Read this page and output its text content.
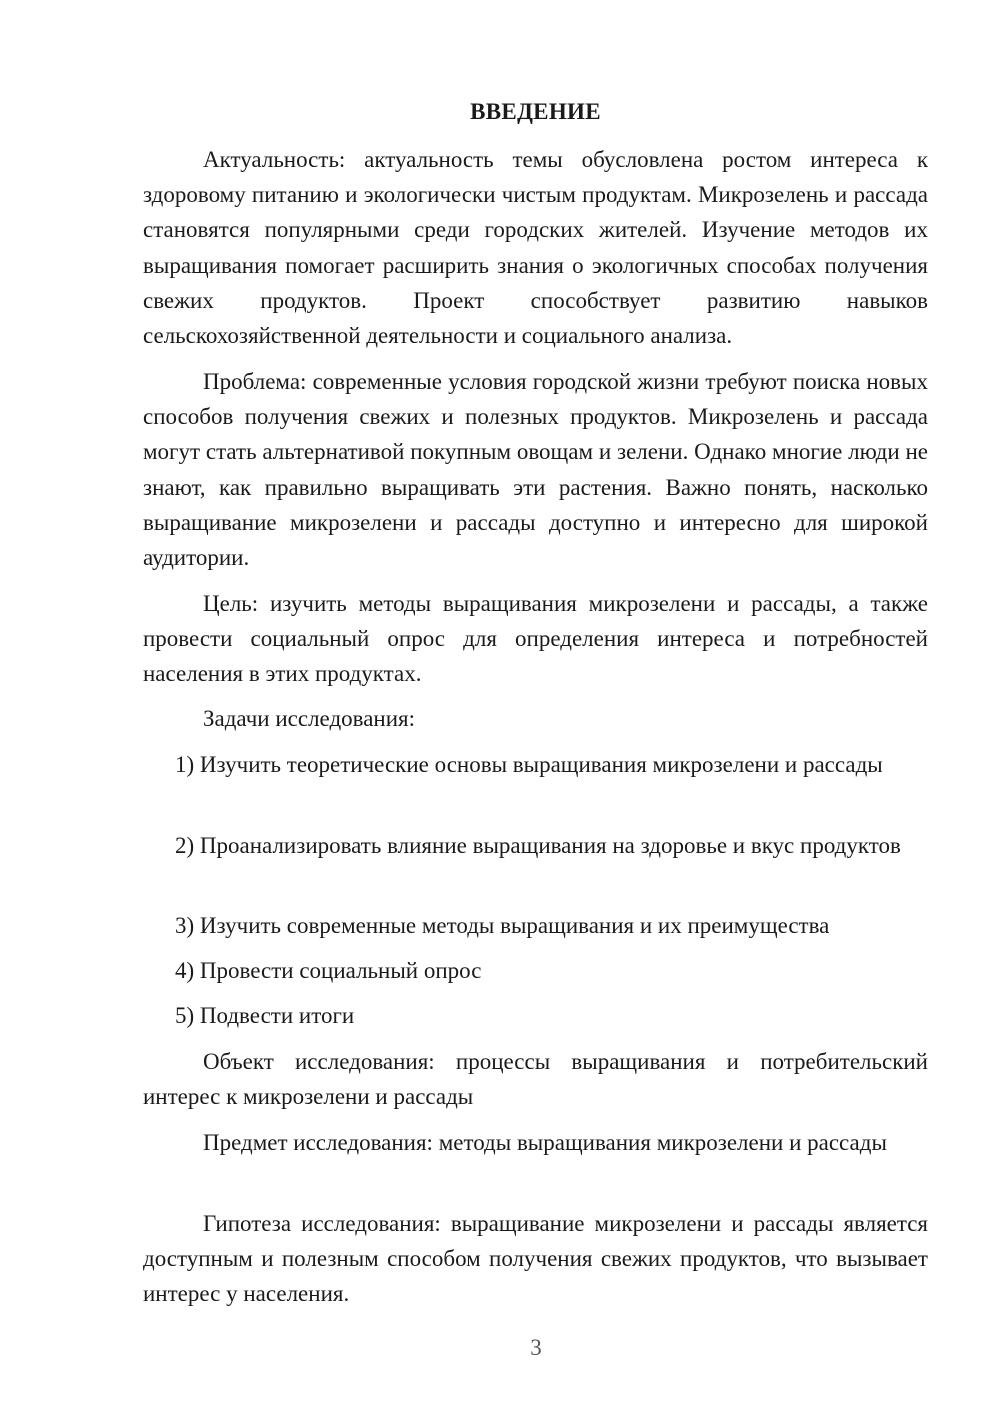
ВВЕДЕНИЕ

Актуальность: актуальность темы обусловлена ростом интереса к здоровому питанию и экологически чистым продуктам. Микрозелень и рассада становятся популярными среди городских жителей. Изучение методов их выращивания помогает расширить знания о экологичных способах получения свежих продуктов. Проект способствует развитию навыков сельскохозяйственной деятельности и социального анализа.

Проблема: современные условия городской жизни требуют поиска новых способов получения свежих и полезных продуктов. Микрозелень и рассада могут стать альтернативой покупным овощам и зелени. Однако многие люди не знают, как правильно выращивать эти растения. Важно понять, насколько выращивание микрозелени и рассады доступно и интересно для широкой аудитории.

Цель: изучить методы выращивания микрозелени и рассады, а также провести социальный опрос для определения интереса и потребностей населения в этих продуктах.

Задачи исследования:

1) Изучить теоретические основы выращивания микрозелени и рассады

2) Проанализировать влияние выращивания на здоровье и вкус продуктов

3) Изучить современные методы выращивания и их преимущества

4) Провести социальный опрос

5) Подвести итоги

Объект исследования: процессы выращивания и потребительский интерес к микрозелени и рассады

Предмет исследования: методы выращивания микрозелени и рассады

Гипотеза исследования: выращивание микрозелени и рассады является доступным и полезным способом получения свежих продуктов, что вызывает интерес у населения.

3
